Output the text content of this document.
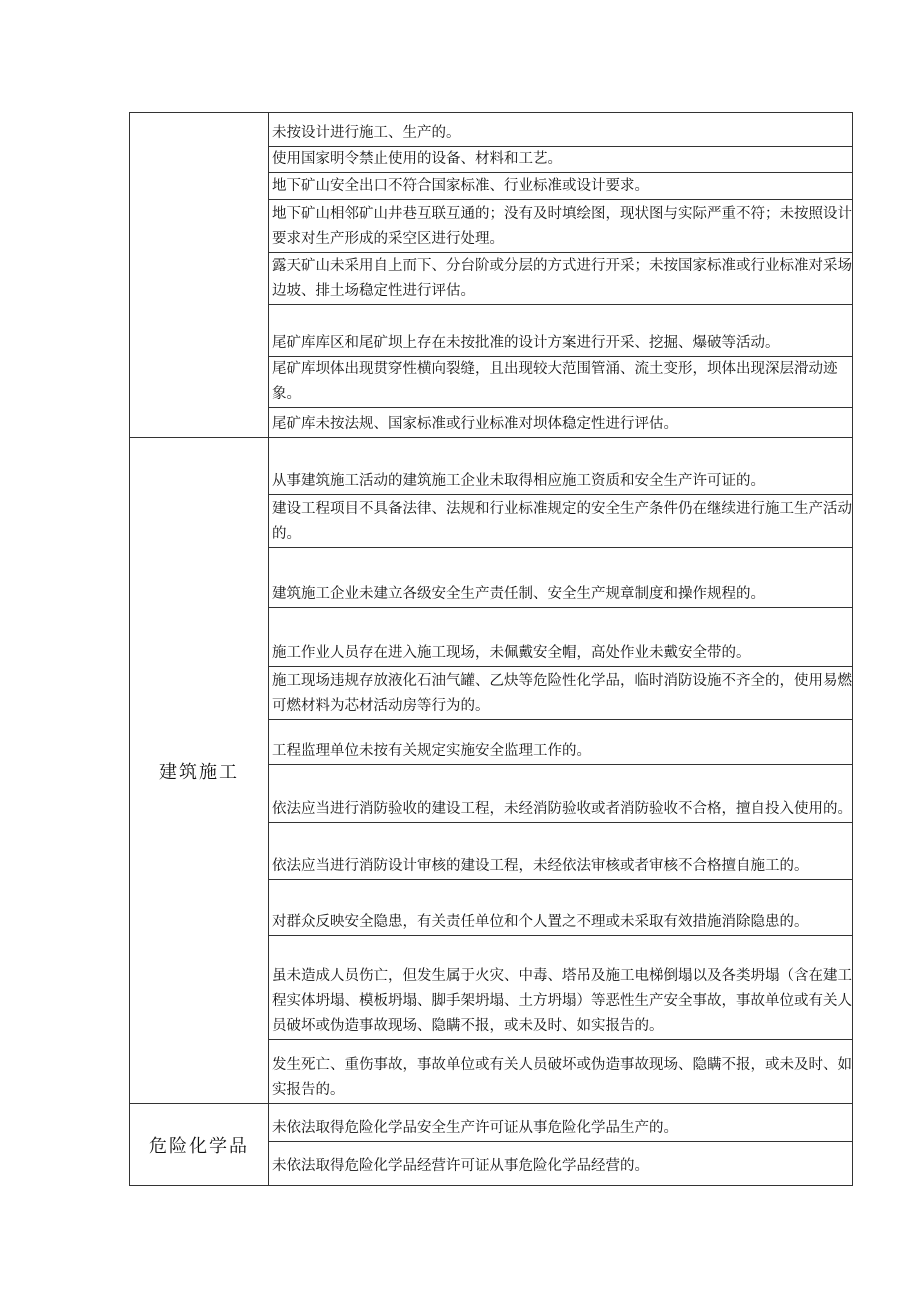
	未按设计进行施工、生产的。

	使用国家明令禁止使用的设备、材料和工艺。

	地下矿山安全出口不符合国家标准、行业标准或设计要求。

	地下矿山相邻矿山井巷互联互通的；没有及时填绘图，现状图与实际严重不符；未按照设计要求对生产形成的采空区进行处理。

	露天矿山未采用自上而下、分台阶或分层的方式进行开采；未按国家标准或行业标准对采场边坡、排土场稳定性进行评估。

	尾矿库库区和尾矿坝上存在未按批准的设计方案进行开采、挖掘、爆破等活动。

	尾矿库坝体出现贯穿性横向裂缝，且出现较大范围管涌、流土变形，坝体出现深层滑动迹象。

	尾矿库未按法规、国家标准或行业标准对坝体稳定性进行评估。

建筑施工	从事建筑施工活动的建筑施工企业未取得相应施工资质和安全生产许可证的。

	建设工程项目不具备法律、法规和行业标准规定的安全生产条件仍在继续进行施工生产活动的。

	建筑施工企业未建立各级安全生产责任制、安全生产规章制度和操作规程的。

	施工作业人员存在进入施工现场，未佩戴安全帽，高处作业未戴安全带的。

	施工现场违规存放液化石油气罐、乙炔等危险性化学品，临时消防设施不齐全的，使用易燃可燃材料为芯材活动房等行为的。

	工程监理单位未按有关规定实施安全监理工作的。

	依法应当进行消防验收的建设工程，未经消防验收或者消防验收不合格，擅自投入使用的。

	依法应当进行消防设计审核的建设工程，未经依法审核或者审核不合格擅自施工的。

	对群众反映安全隐患，有关责任单位和个人置之不理或未采取有效措施消除隐患的。

	虽未造成人员伤亡，但发生属于火灾、中毒、塔吊及施工电梯倒塌以及各类坍塌（含在建工程实体坍塌、模板坍塌、脚手架坍塌、土方坍塌）等恶性生产安全事故，事故单位或有关人员破坏或伪造事故现场、隐瞒不报，或未及时、如实报告的。

	发生死亡、重伤事故，事故单位或有关人员破坏或伪造事故现场、隐瞒不报，或未及时、如实报告的。

危险化学品	未依法取得危险化学品安全生产许可证从事危险化学品生产的。

	未依法取得危险化学品经营许可证从事危险化学品经营的。
